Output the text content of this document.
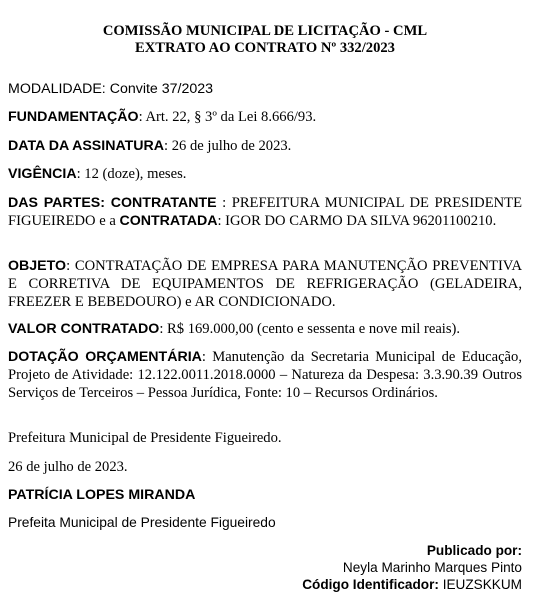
COMISSÃO MUNICIPAL DE LICITAÇÃO - CML
EXTRATO AO CONTRATO Nº 332/2023
MODALIDADE: Convite 37/2023
FUNDAMENTAÇÃO: Art. 22, § 3º da Lei 8.666/93.
DATA DA ASSINATURA: 26 de julho de 2023.
VIGÊNCIA: 12 (doze), meses.
DAS PARTES: CONTRATANTE : PREFEITURA MUNICIPAL DE PRESIDENTE FIGUEIREDO e a CONTRATADA: IGOR DO CARMO DA SILVA 96201100210.
OBJETO: CONTRATAÇÃO DE EMPRESA PARA MANUTENÇÃO PREVENTIVA E CORRETIVA DE EQUIPAMENTOS DE REFRIGERAÇÃO (GELADEIRA, FREEZER E BEBEDOURO) e AR CONDICIONADO.
VALOR CONTRATADO: R$ 169.000,00 (cento e sessenta e nove mil reais).
DOTAÇÃO ORÇAMENTÁRIA: Manutenção da Secretaria Municipal de Educação, Projeto de Atividade: 12.122.0011.2018.0000 – Natureza da Despesa: 3.3.90.39 Outros Serviços de Terceiros – Pessoa Jurídica, Fonte: 10 – Recursos Ordinários.
Prefeitura Municipal de Presidente Figueiredo.
26 de julho de 2023.
PATRÍCIA LOPES MIRANDA
Prefeita Municipal de Presidente Figueiredo
Publicado por:
Neyla Marinho Marques Pinto
Código Identificador: IEUZSKKUM
